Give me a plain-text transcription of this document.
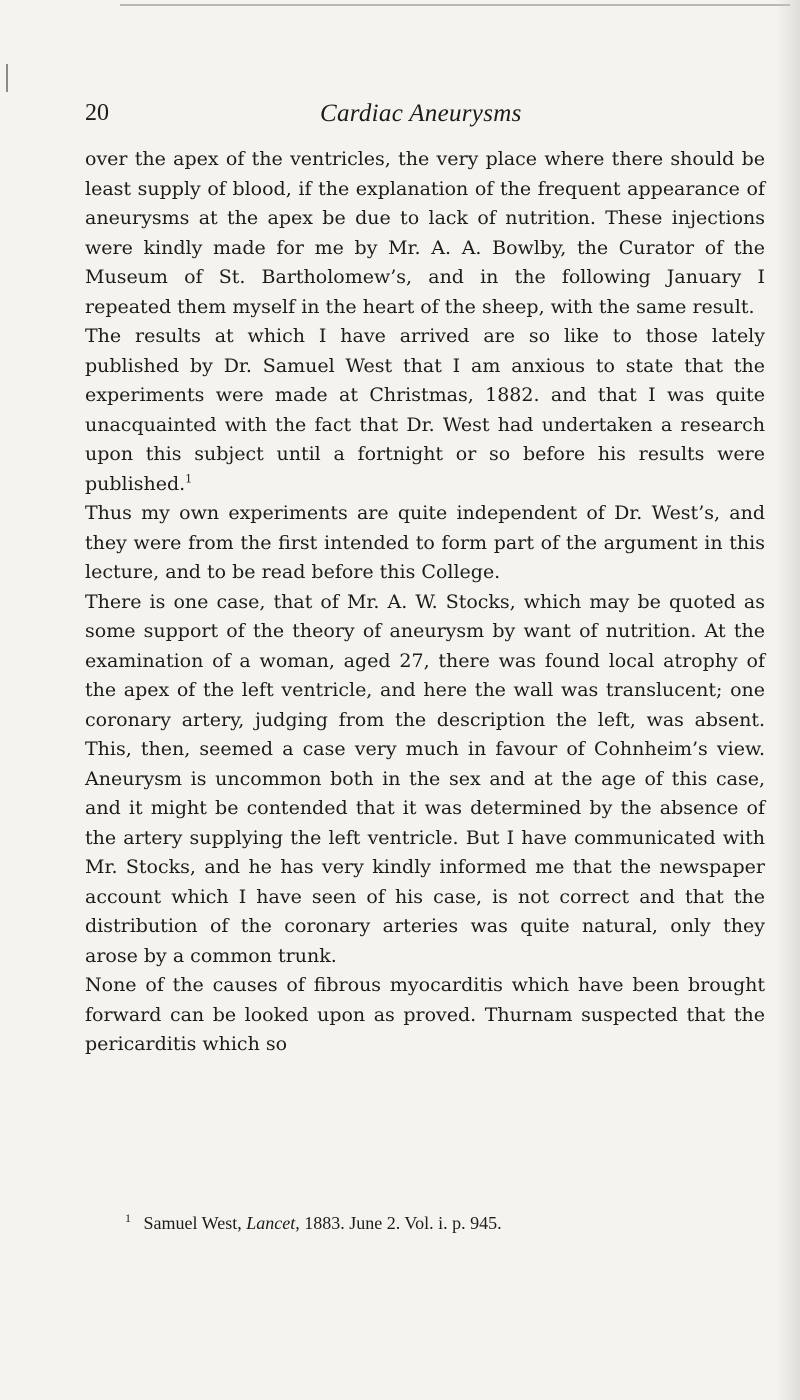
20	Cardiac Aneurysms

over the apex of the ventricles, the very place where there should be least supply of blood, if the explanation of the frequent appearance of aneurysms at the apex be due to lack of nutrition. These injections were kindly made for me by Mr. A. A. Bowlby, the Curator of the Museum of St. Bartholomew’s, and in the following January I repeated them myself in the heart of the sheep, with the same result.

The results at which I have arrived are so like to those lately published by Dr. Samuel West that I am anxious to state that the experiments were made at Christmas, 1882. and that I was quite unacquainted with the fact that Dr. West had undertaken a research upon this subject until a fortnight or so before his results were published.$^1$

Thus my own experiments are quite independent of Dr. West’s, and they were from the first intended to form part of the argument in this lecture, and to be read before this College.

There is one case, that of Mr. A. W. Stocks, which may be quoted as some support of the theory of aneurysm by want of nutrition. At the examination of a woman, aged 27, there was found local atrophy of the apex of the left ventricle, and here the wall was translucent; one coronary artery, judging from the description the left, was absent. This, then, seemed a case very much in favour of Cohnheim’s view. Aneurysm is uncommon both in the sex and at the age of this case, and it might be contended that it was determined by the absence of the artery supplying the left ventricle. But I have communicated with Mr. Stocks, and he has very kindly informed me that the newspaper account which I have seen of his case, is not correct and that the distribution of the coronary arteries was quite natural, only they arose by a common trunk.

None of the causes of fibrous myocarditis which have been brought forward can be looked upon as proved. Thurnam suspected that the pericarditis which so

$^1$ Samuel West, Lancet, 1883. June 2. Vol. i. p. 945.
